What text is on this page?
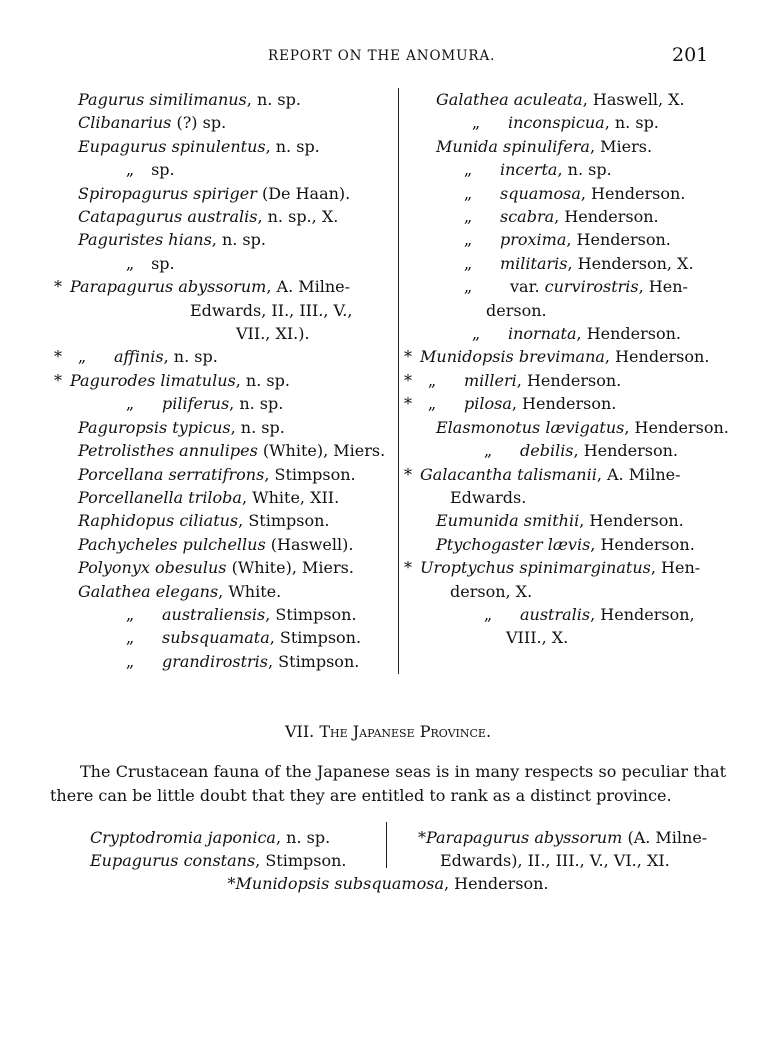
REPORT ON THE ANOMURA.	201
Pagurus similimanus, n. sp.
Clibanarius (?) sp.
Eupagurus spinulentus, n. sp.
„ sp.
Spiropagurus spiriger (De Haan).
Catapagurus australis, n. sp., X.
Paguristes hians, n. sp.
„ sp.
* Parapagurus abyssorum, A. Milne-
Edwards, II., III., V.,
VII., XI.).
* „ affinis, n. sp.
* Pagurodes limatulus, n. sp.
„ piliferus, n. sp.
Paguropsis typicus, n. sp.
Petrolisthes annulipes (White), Miers.
Porcellana serratifrons, Stimpson.
Porcellanella triloba, White, XII.
Raphidopus ciliatus, Stimpson.
Pachycheles pulchellus (Haswell).
Polyonyx obesulus (White), Miers.
Galathea elegans, White.
„ australiensis, Stimpson.
„ subsquamata, Stimpson.
„ grandirostris, Stimpson.
Galathea aculeata, Haswell, X.
„ inconspicua, n. sp.
Munida spinulifera, Miers.
„ incerta, n. sp.
„ squamosa, Henderson.
„ scabra, Henderson.
„ proxima, Henderson.
„ militaris, Henderson, X.
„ var. curvirostris, Hen-
derson.
„ inornata, Henderson.
* Munidopsis brevimana, Henderson.
* „ milleri, Henderson.
* „ pilosa, Henderson.
Elasmonotus lævigatus, Henderson.
„ debilis, Henderson.
* Galacantha talismanii, A. Milne-
Edwards.
Eumunida smithii, Henderson.
Ptychogaster lævis, Henderson.
* Uroptychus spinimarginatus, Hen-
derson, X.
„ australis, Henderson,
VIII., X.
VII. The Japanese Province.
The Crustacean fauna of the Japanese seas is in many respects so peculiar that there can be little doubt that they are entitled to rank as a distinct province.
Cryptodromia japonica, n. sp.
Eupagurus constans, Stimpson.
*Parapagurus abyssorum (A. Milne-
Edwards), II., III., V., VI., XI.
*Munidopsis subsquamosa, Henderson.
